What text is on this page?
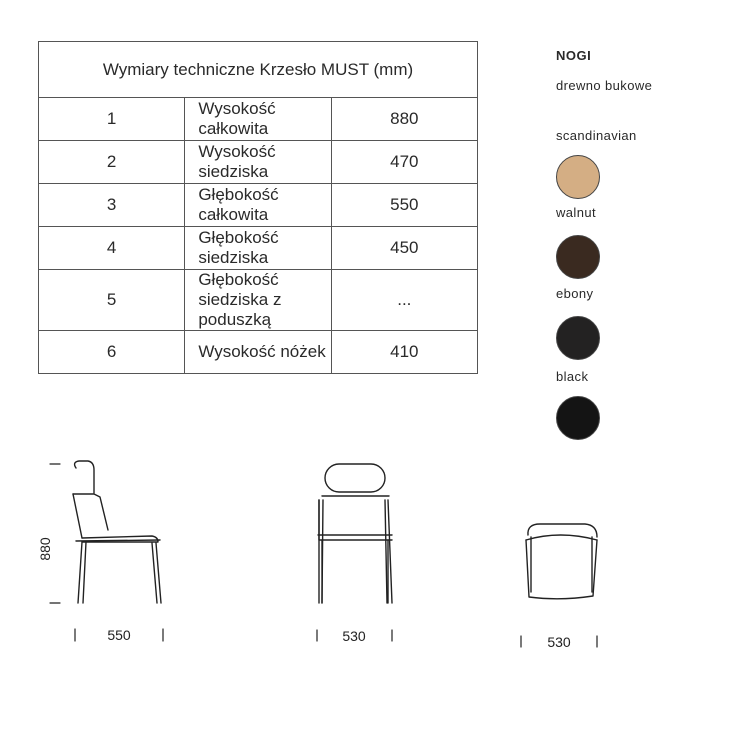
Wymiary techniczne Krzesło MUST (mm)		
1	Wysokość całkowita	880
2	Wysokość siedziska	470
3	Głębokość całkowita	550
4	Głębokość siedziska	450
5	Głębokość siedziska z poduszką	...
6	Wysokość nóżek	410
NOGI
drewno bukowe
scandinavian
walnut
ebony
black
880
550	530	530
